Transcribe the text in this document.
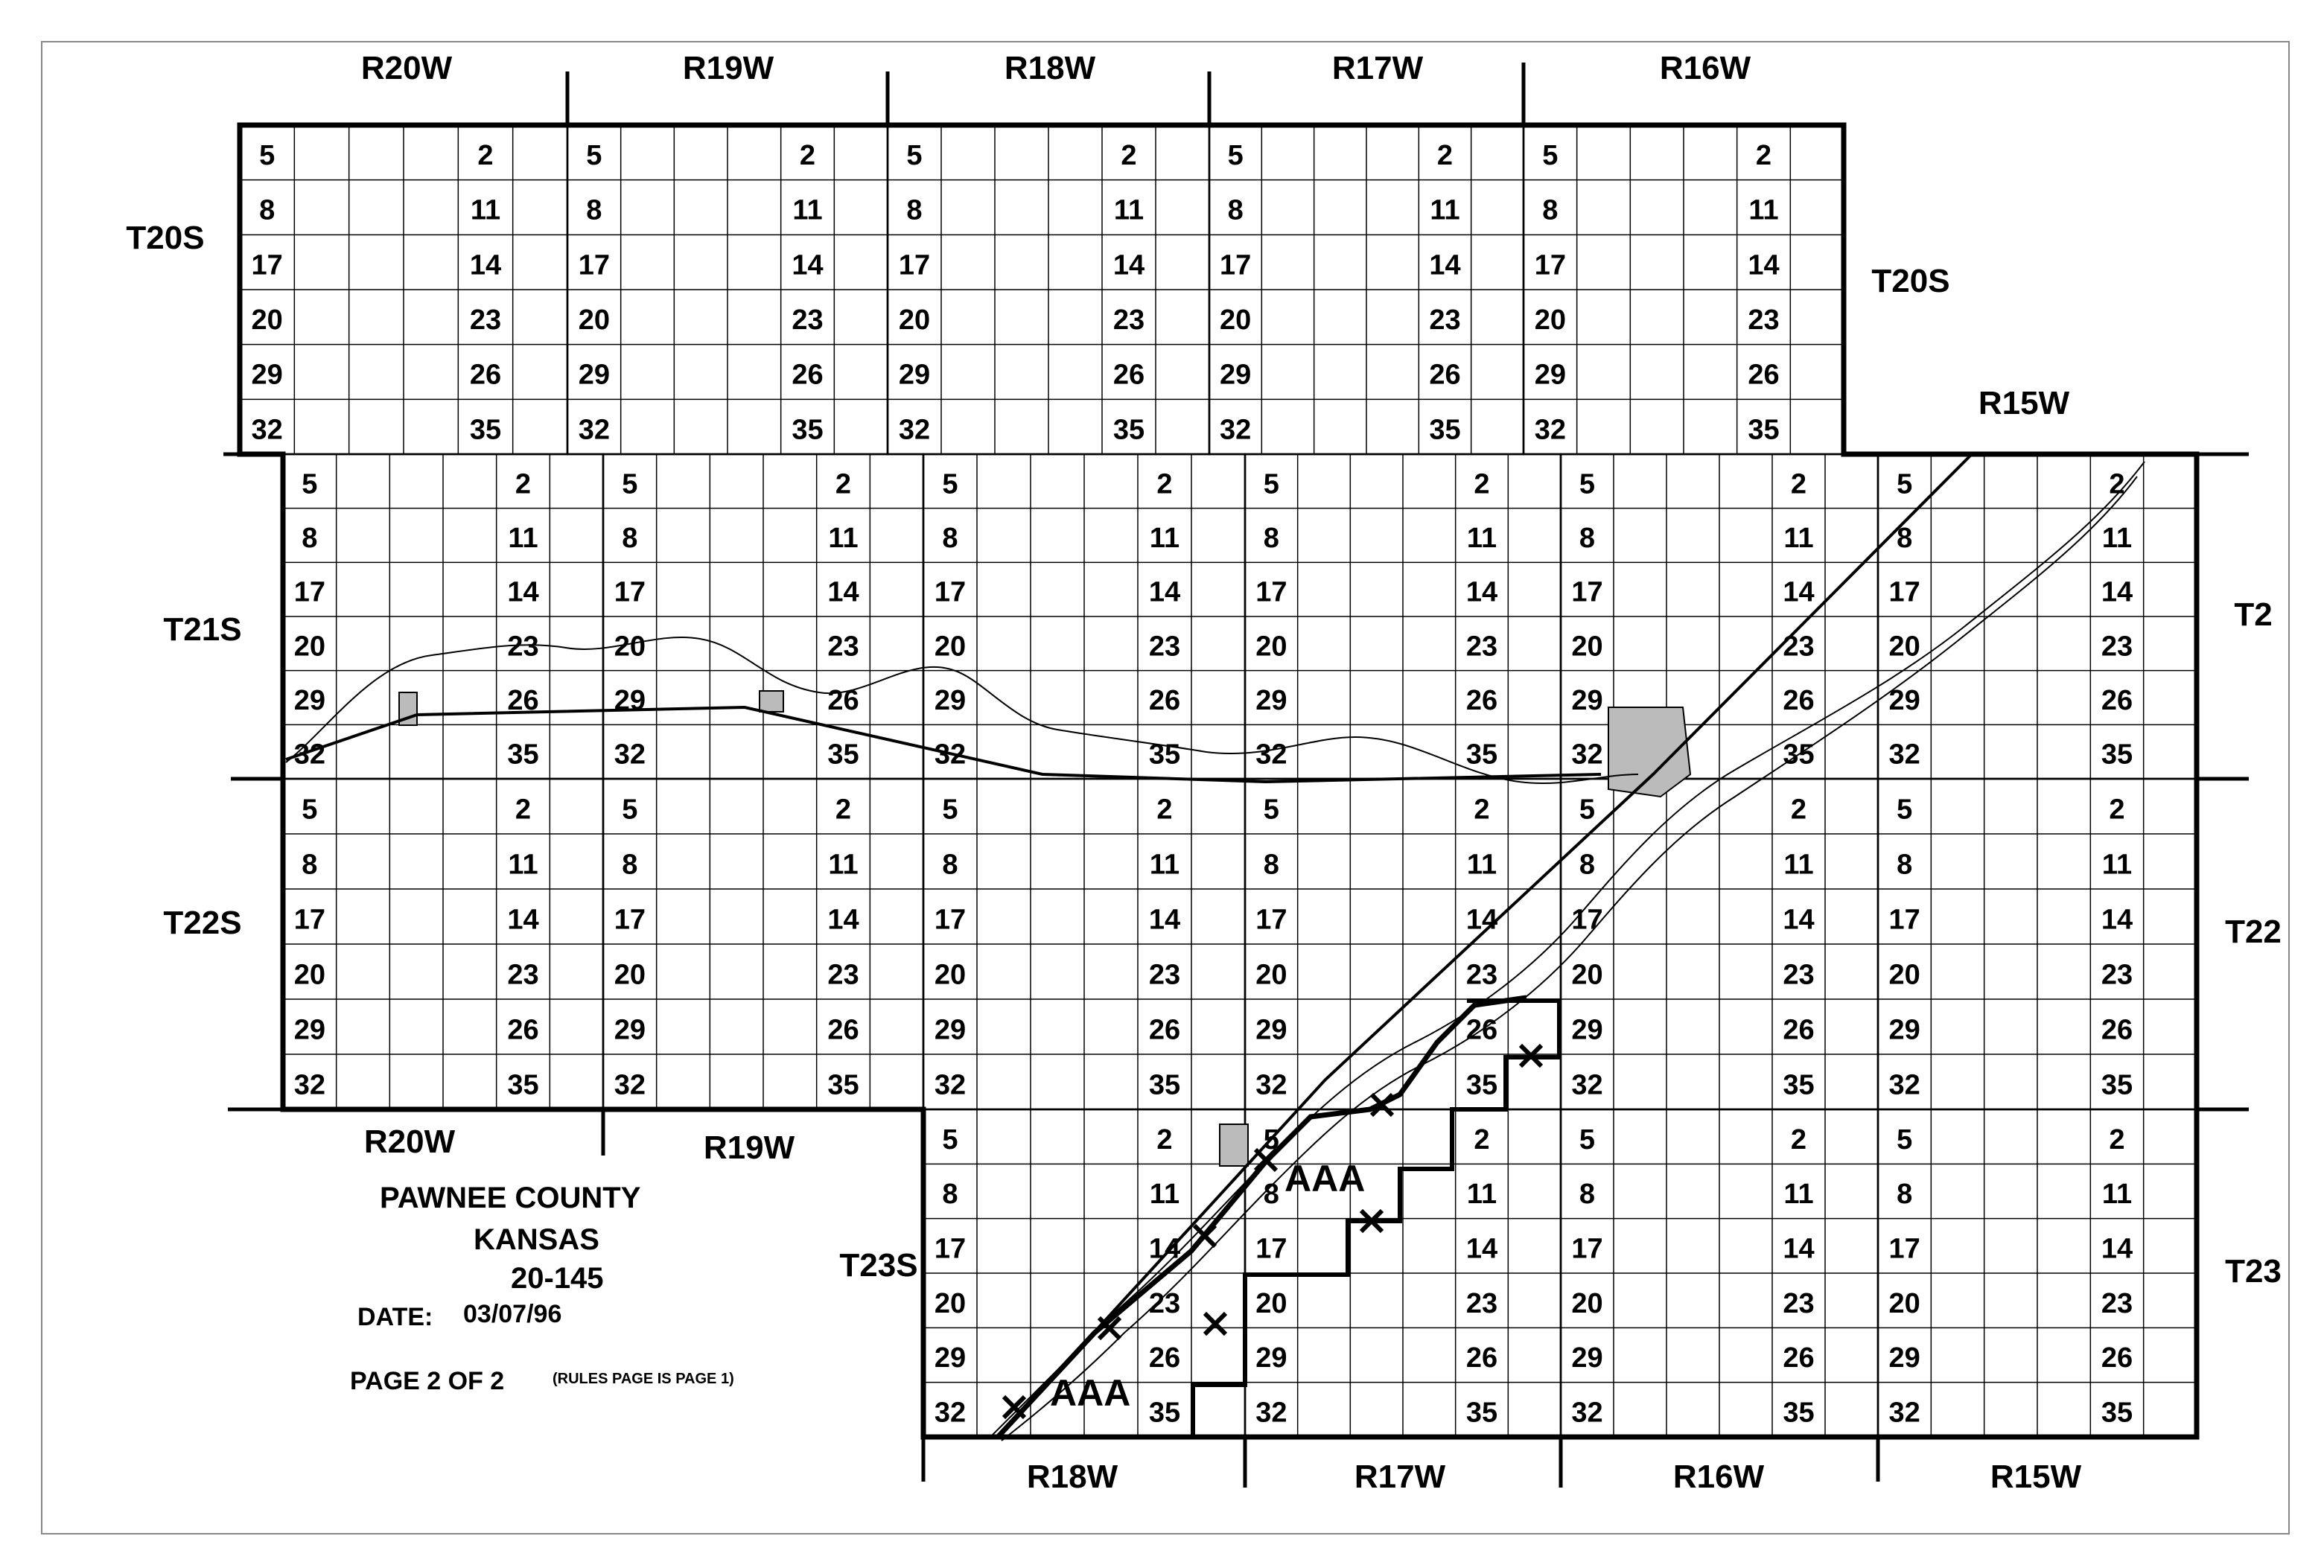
R20W	R19W	R18W	R17W	R16W
R15W
R20W	R19W
R18W	R17W	R16W	R15W
T20S
T21S
T22S
T23S
T20S
T2
T22
T23
5	2
8	11
17	14
20	23
29	26
32	35
5	2
8	11
17	14
20	23
29	26
32	35
5	2
8	11
17	14
20	23
29	26
32	35
5	2
8	11
17	14
20	23
29	26
32	35
5	2
8	11
17	14
20	23
29	26
32	35
5	2
8	11
17	14
20	23
29	26
32	35
5	2
8	11
17	14
20	23
29	26
32	35
5	2
8	11
17	14
20	23
29	26
32	35
5	2
8	11
17	14
20	23
29	26
32	35
5	2
8	11
17	14
20	23
29	26
32	35
5	2
8	11
17	14
20	23
29	26
32	35
5	2
8	11
17	14
20	23
29	26
32	35
5	2
8	11
17	14
20	23
29	26
32	35
5	2
8	11
17	14
20	23
29	26
32	35
5	2
8	11
17	14
20	23
29	26
32	35
5	2
8	11
17	14
20	23
29	26
32	35
5	2
8	11
17	14
20	23
29	26
32	35
5	2
8	11
17	14
20	23
29	26
32	35
5	2
8	11
17	14
20	23
29	26
32	35
5	2
8	11
17	14
20	23
29	26
32	35
5	2
8	11
17	14
20	23
29	26
32	35
AAA
AAA
PAWNEE COUNTY
KANSAS
20-145
DATE: 03/07/96
PAGE 2 OF 2	(RULES PAGE IS PAGE 1)
